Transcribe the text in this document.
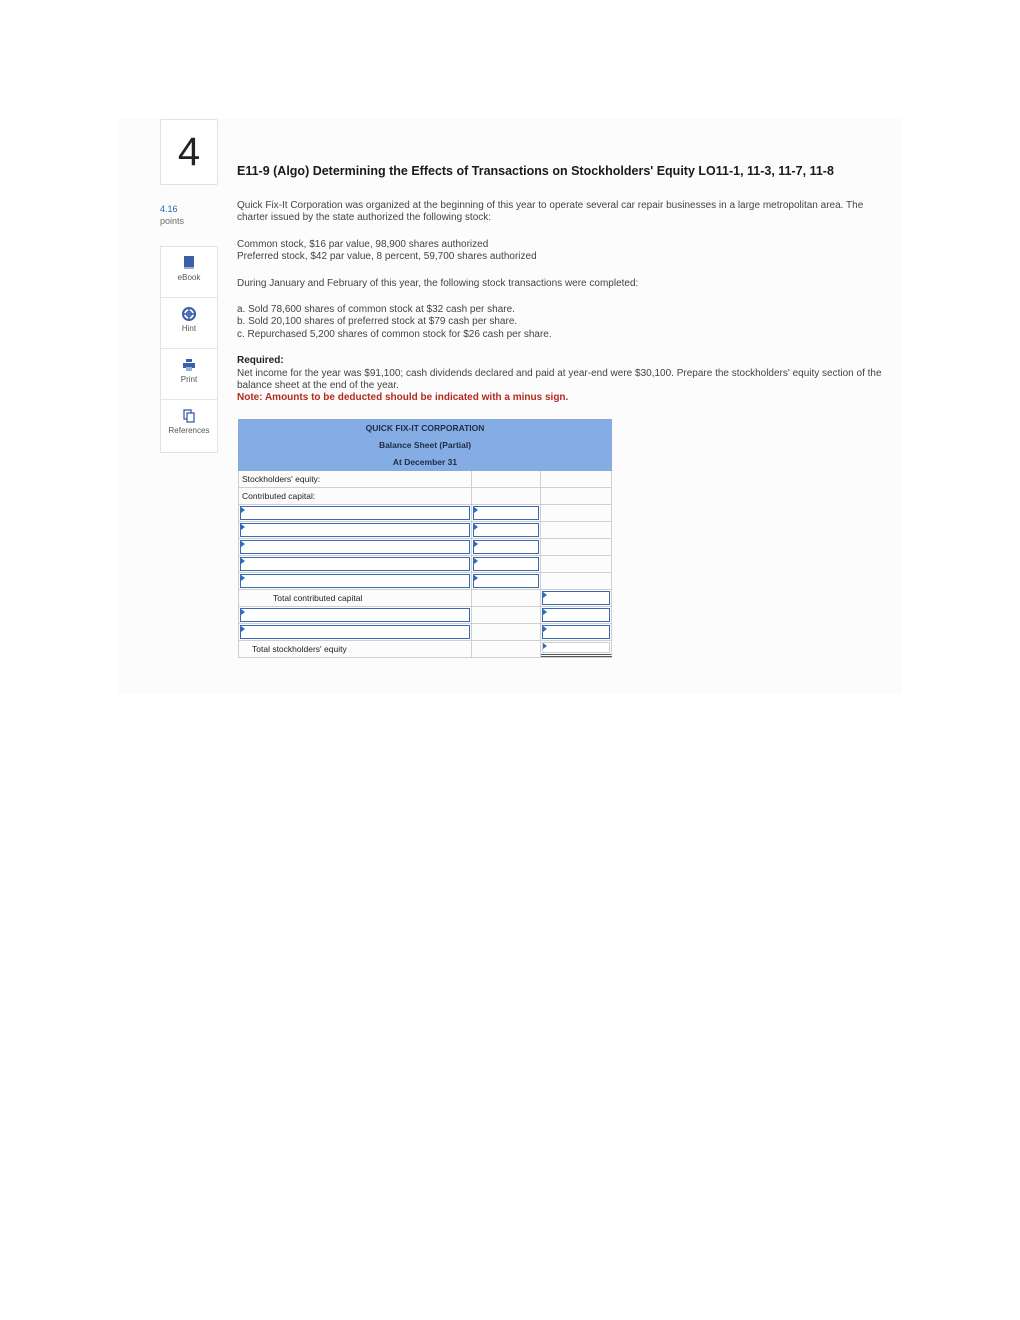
4
4.16
points
eBook
Hint
Print
References
E11-9 (Algo) Determining the Effects of Transactions on Stockholders' Equity LO11-1, 11-3, 11-7, 11-8

Quick Fix-It Corporation was organized at the beginning of this year to operate several car repair businesses in a large metropolitan area. The charter issued by the state authorized the following stock:

Common stock, $16 par value, 98,900 shares authorized

Preferred stock, $42 par value, 8 percent, 59,700 shares authorized

During January and February of this year, the following stock transactions were completed:

a. Sold 78,600 shares of common stock at $32 cash per share.

b. Sold 20,100 shares of preferred stock at $79 cash per share.

c. Repurchased 5,200 shares of common stock for $26 cash per share.

Required:

Net income for the year was $91,100; cash dividends declared and paid at year-end were $30,100. Prepare the stockholders' equity section of the balance sheet at the end of the year.

Note: Amounts to be deducted should be indicated with a minus sign.

QUICK FIX-IT CORPORATION
Balance Sheet (Partial)
At December 31
Stockholders' equity:
Contributed capital:
Total contributed capital
Total stockholders' equity
